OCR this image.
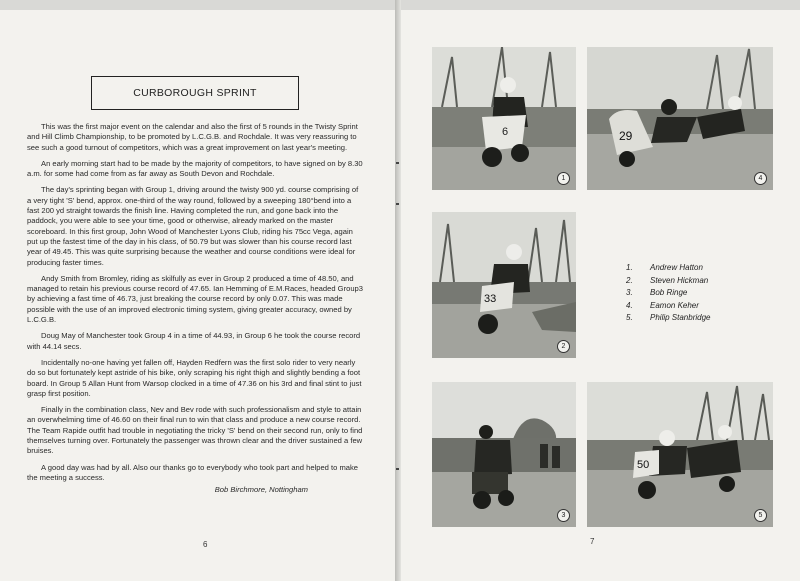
CURBOROUGH SPRINT

This was the first major event on the calendar and also the first of 5 rounds in the Twisty Sprint and Hill Climb Championship, to be promoted by L.C.G.B. and Rochdale. It was very reassuring to see such a good turnout of competitors, which was a great improvement on last year's meeting.

An early morning start had to be made by the majority of competitors, to have signed on by 8.30 a.m. for some had come from as far away as South Devon and Rochdale.

The day's sprinting began with Group 1, driving around the twisty 900 yd. course comprising of a very tight 'S' bend, approx. one-third of the way round, followed by a sweeping 180°bend into a fast 200 yd straight towards the finish line. Having completed the run, and gone back into the paddock, you were able to see your time, good or otherwise, already marked on the master scoreboard. In this first group, John Wood of Manchester Lyons Club, riding his 75cc Vega, again put up the fastest time of the day in his class, of 50.79 but was slower than his course record last year of 49.45. This was quite surprising because the weather and course conditions were ideal for producing faster times.

Andy Smith from Bromley, riding as skilfully as ever in Group 2 produced a time of 48.50, and managed to retain his previous course record of 47.65. Ian Hemming of E.M.Races, headed Group3 by achieving a fast time of 46.73, just breaking the course record by only 0.07. This was made possible with the use of an improved electronic timing system, giving greater accuracy, owned by L.C.G.B.

Doug May of Manchester took Group 4 in a time of 44.93, in Group 6 he took the course record with 44.14 secs.

Incidentally no-one having yet fallen off, Hayden Redfern was the first solo rider to very nearly do so but fortunately kept astride of his bike, only scraping his right thigh and slightly bending a foot board. In Group 5 Allan Hunt from Warsop clocked in a time of 47.36 on his 3rd and final stint to just grasp first position.

Finally in the combination class, Nev and Bev rode with such professionalism and style to attain an overwhelming time of 46.60 on their final run to win that class and produce a new course record. The Team Rapide outfit had trouble in negotiating the tricky 'S' bend on their second run, only to find themselves turning over. Fortunately the passenger was thrown clear and the driver sustained a few bruises.

A good day was had by all. Also our thanks go to everybody who took part and helped to make the meeting a success.

Bob Birchmore, Nottingham
6
6
1
29
4
33
2
3
50
5
7
1.	Andrew Hatton
2.	Steven Hickman
3.	Bob Ringe
4.	Eamon Keher
5.	Philip Stanbridge
